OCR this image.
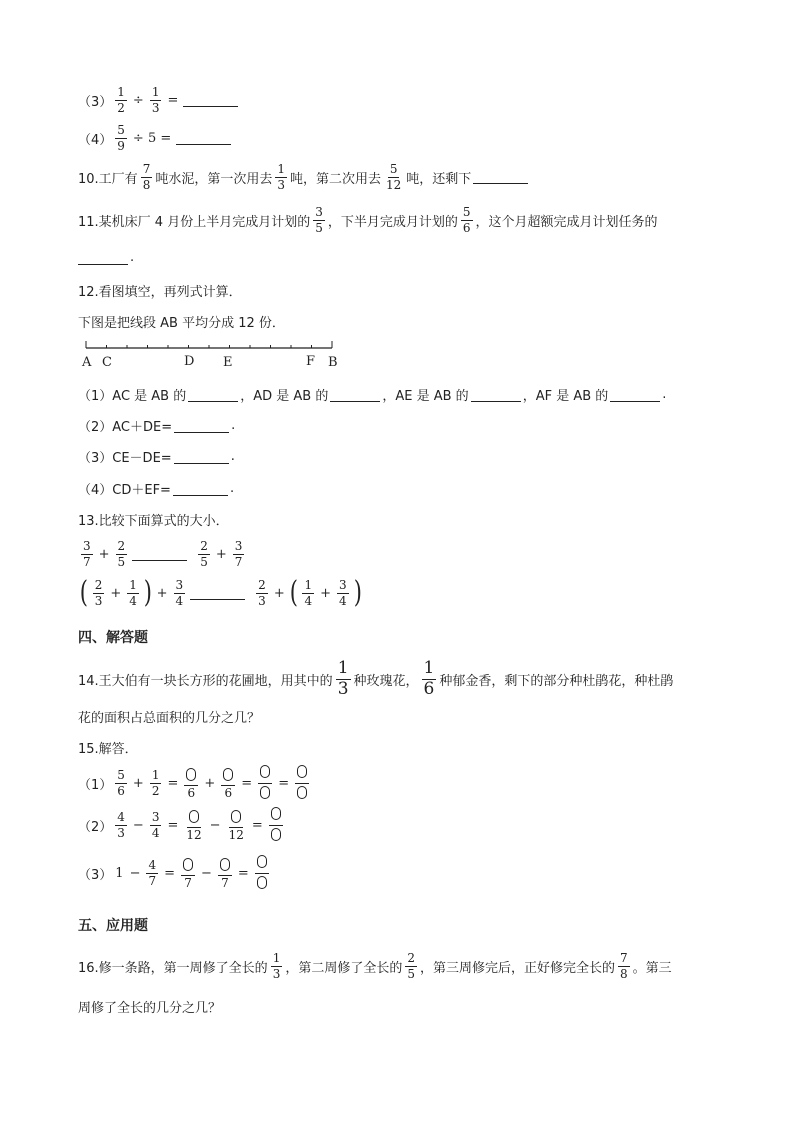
$(3) \frac{1}{2} \div \frac{1}{3}$ =
$(4) \frac{5}{9} \div 5$ =
10.工厂有 $\frac{7}{8}$ 吨水泥，第一次用去 $\frac{1}{3}$ 吨，第二次用去 $\frac{5}{12}$ 吨，还剩下
11.某机床厂 4 月份上半月完成月计划的 $\frac{3}{5}$ ，下半月完成月计划的 $\frac{5}{6}$ ，这个月超额完成月计划任务的
.
12.看图填空，再列式计算．
下图是把线段 AB 平均分成 12 份．
A C	D E	F B
（1） AC 是 AB 的	，AD 是 AB 的	，AE 是 AB 的	，AF 是 AB 的	.
（2）AC＋DE=	.
（3）CE－DE=	.
（4）CD＋EF=	.
13.比较下面算式的大小．
$\frac{3}{7} + \frac{2}{5}$	$\frac{2}{5} + \frac{3}{7}$
( $\frac{2}{3} + \frac{1}{4}$ ) + $\frac{3}{4}$	$\frac{2}{3}$ + ( $\frac{1}{4} + \frac{3}{4}$ )
四、解答题
14.王大伯有一块长方形的花圃地，用其中的 $\frac{1}{3}$ 种玫瑰花， $\frac{1}{6}$ 种郁金香，剩下的部分种杜鹃花，种杜鹃
花的面积占总面积的几分之几？
15.解答．
$(1) \frac{5}{6} + \frac{1}{2}$ =
6
+
6
= =
$(2) \frac{4}{3} - \frac{3}{4}$ =
12
−
12
=
（3） $1 - \frac{4}{7}$ =
7
−
7
=
五、应用题
16.修一条路，第一周修了全长的 $\frac{1}{3}$ ，第二周修了全长的 $\frac{2}{5}$ ，第三周修完后，正好修完全长的 $\frac{7}{8}$ 。第三
周修了全长的几分之几？
